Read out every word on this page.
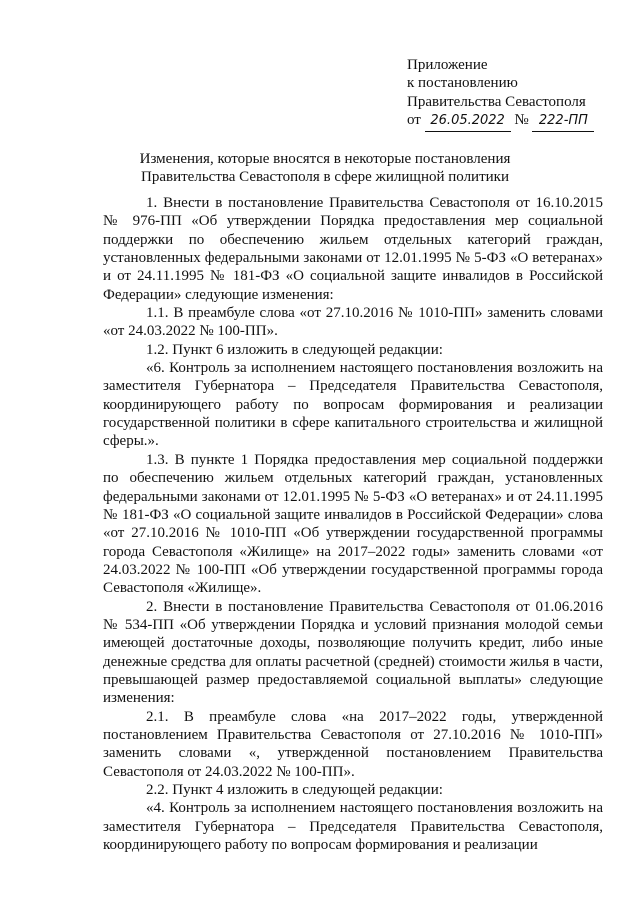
Приложение
к постановлению
Правительства Севастополя
от 26.05.2022 № 222-ПП
Изменения, которые вносятся в некоторые постановления Правительства Севастополя в сфере жилищной политики

1. Внести в постановление Правительства Севастополя от 16.10.2015 № 976-ПП «Об утверждении Порядка предоставления мер социальной поддержки по обеспечению жильем отдельных категорий граждан, установленных федеральными законами от 12.01.1995 № 5-ФЗ «О ветеранах» и от 24.11.1995 № 181-ФЗ «О социальной защите инвалидов в Российской Федерации» следующие изменения:

1.1. В преамбуле слова «от 27.10.2016 № 1010-ПП» заменить словами «от 24.03.2022 № 100-ПП».

1.2. Пункт 6 изложить в следующей редакции:

«6. Контроль за исполнением настоящего постановления возложить на заместителя Губернатора – Председателя Правительства Севастополя, координирующего работу по вопросам формирования и реализации государственной политики в сфере капитального строительства и жилищной сферы.».

1.3. В пункте 1 Порядка предоставления мер социальной поддержки по обеспечению жильем отдельных категорий граждан, установленных федеральными законами от 12.01.1995 № 5-ФЗ «О ветеранах» и от 24.11.1995 № 181-ФЗ «О социальной защите инвалидов в Российской Федерации» слова «от 27.10.2016 № 1010-ПП «Об утверждении государственной программы города Севастополя «Жилище» на 2017–2022 годы» заменить словами «от 24.03.2022 № 100-ПП «Об утверждении государственной программы города Севастополя «Жилище».

2. Внести в постановление Правительства Севастополя от 01.06.2016 № 534-ПП «Об утверждении Порядка и условий признания молодой семьи имеющей достаточные доходы, позволяющие получить кредит, либо иные денежные средства для оплаты расчетной (средней) стоимости жилья в части, превышающей размер предоставляемой социальной выплаты» следующие изменения:

2.1. В преамбуле слова «на 2017–2022 годы, утвержденной постановлением Правительства Севастополя от 27.10.2016 № 1010-ПП» заменить словами «, утвержденной постановлением Правительства Севастополя от 24.03.2022 № 100-ПП».

2.2. Пункт 4 изложить в следующей редакции:

«4. Контроль за исполнением настоящего постановления возложить на заместителя Губернатора – Председателя Правительства Севастополя, координирующего работу по вопросам формирования и реализации
